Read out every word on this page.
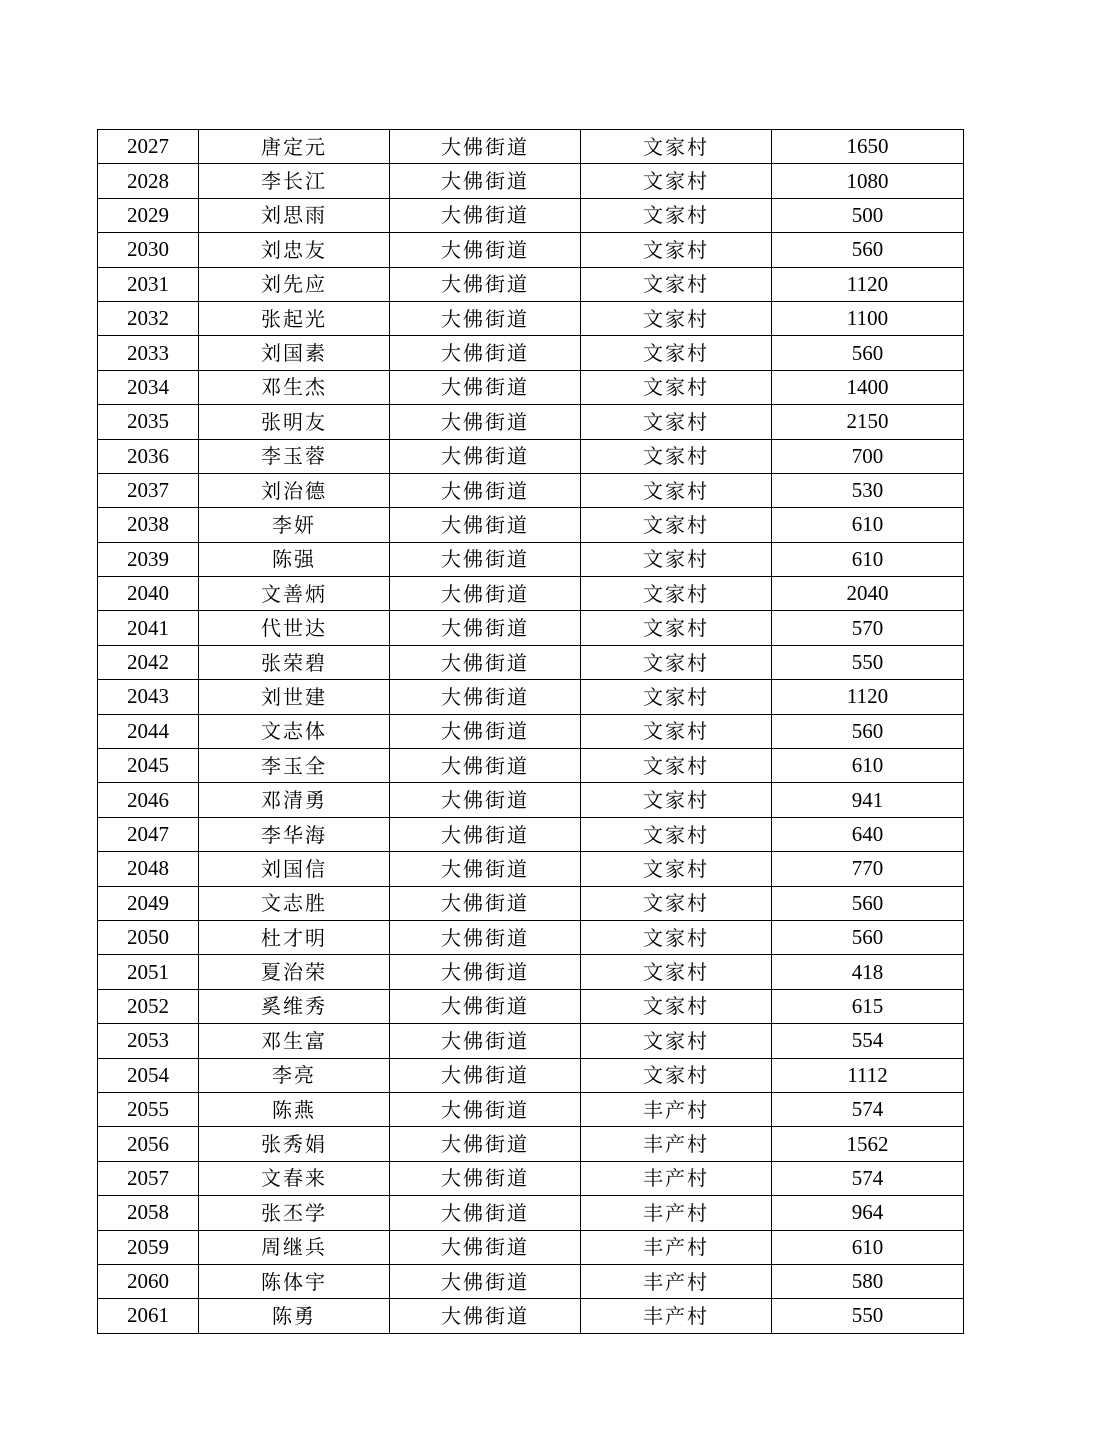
2027	唐定元	大佛街道	文家村	1650
2028	李长江	大佛街道	文家村	1080
2029	刘思雨	大佛街道	文家村	500
2030	刘忠友	大佛街道	文家村	560
2031	刘先应	大佛街道	文家村	1120
2032	张起光	大佛街道	文家村	1100
2033	刘国素	大佛街道	文家村	560
2034	邓生杰	大佛街道	文家村	1400
2035	张明友	大佛街道	文家村	2150
2036	李玉蓉	大佛街道	文家村	700
2037	刘治德	大佛街道	文家村	530
2038	李妍	大佛街道	文家村	610
2039	陈强	大佛街道	文家村	610
2040	文善炳	大佛街道	文家村	2040
2041	代世达	大佛街道	文家村	570
2042	张荣碧	大佛街道	文家村	550
2043	刘世建	大佛街道	文家村	1120
2044	文志体	大佛街道	文家村	560
2045	李玉全	大佛街道	文家村	610
2046	邓清勇	大佛街道	文家村	941
2047	李华海	大佛街道	文家村	640
2048	刘国信	大佛街道	文家村	770
2049	文志胜	大佛街道	文家村	560
2050	杜才明	大佛街道	文家村	560
2051	夏治荣	大佛街道	文家村	418
2052	奚维秀	大佛街道	文家村	615
2053	邓生富	大佛街道	文家村	554
2054	李亮	大佛街道	文家村	1112
2055	陈燕	大佛街道	丰产村	574
2056	张秀娟	大佛街道	丰产村	1562
2057	文春来	大佛街道	丰产村	574
2058	张丕学	大佛街道	丰产村	964
2059	周继兵	大佛街道	丰产村	610
2060	陈体宇	大佛街道	丰产村	580
2061	陈勇	大佛街道	丰产村	550
